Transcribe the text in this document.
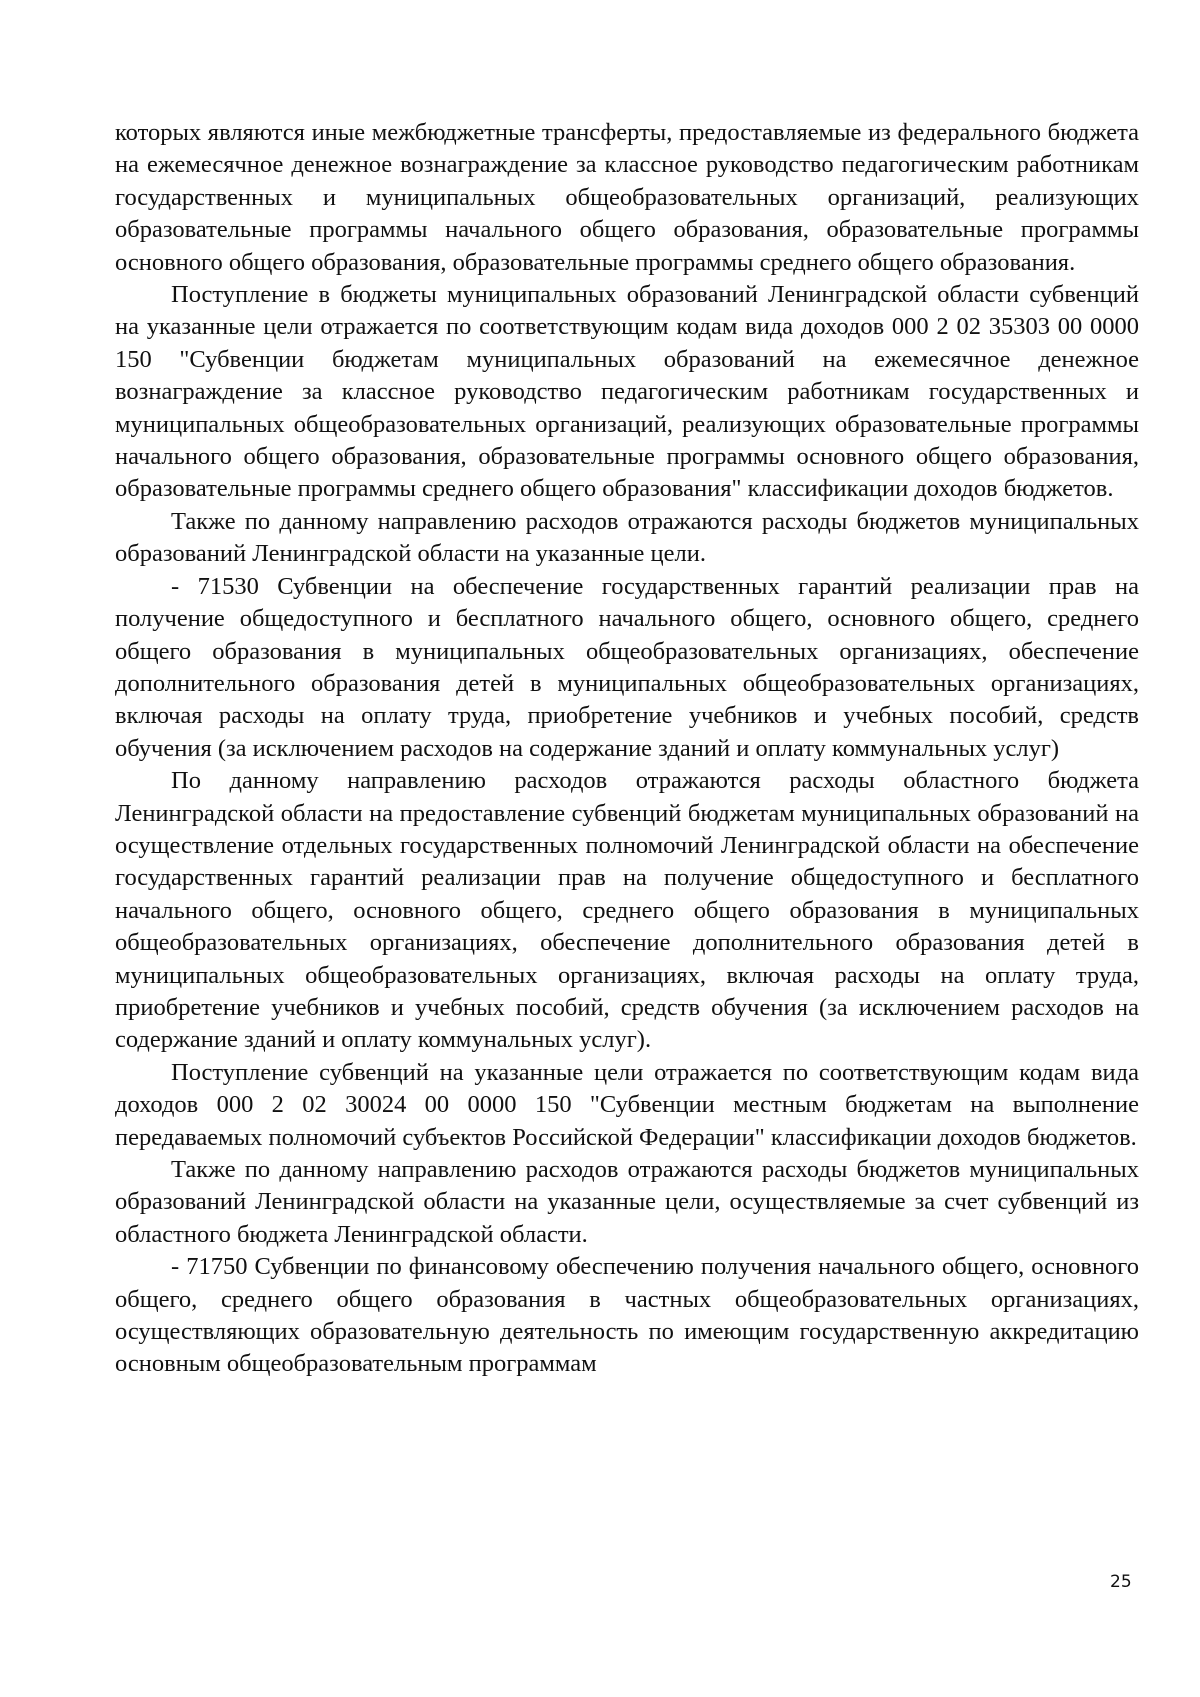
которых являются иные межбюджетные трансферты, предоставляемые из федерального бюджета на ежемесячное денежное вознаграждение за классное руководство педагогическим работникам государственных и муниципальных общеобразовательных организаций, реализующих образовательные программы начального общего образования, образовательные программы основного общего образования, образовательные программы среднего общего образования.

Поступление в бюджеты муниципальных образований Ленинградской области субвенций на указанные цели отражается по соответствующим кодам вида доходов 000 2 02 35303 00 0000 150 "Субвенции бюджетам муниципальных образований на ежемесячное денежное вознаграждение за классное руководство педагогическим работникам государственных и муниципальных общеобразовательных организаций, реализующих образовательные программы начального общего образования, образовательные программы основного общего образования, образовательные программы среднего общего образования" классификации доходов бюджетов.

Также по данному направлению расходов отражаются расходы бюджетов муниципальных образований Ленинградской области на указанные цели.

- 71530 Субвенции на обеспечение государственных гарантий реализации прав на получение общедоступного и бесплатного начального общего, основного общего, среднего общего образования в муниципальных общеобразовательных организациях, обеспечение дополнительного образования детей в муниципальных общеобразовательных организациях, включая расходы на оплату труда, приобретение учебников и учебных пособий, средств обучения (за исключением расходов на содержание зданий и оплату коммунальных услуг)

По данному направлению расходов отражаются расходы областного бюджета Ленинградской области на предоставление субвенций бюджетам муниципальных образований на осуществление отдельных государственных полномочий Ленинградской области на обеспечение государственных гарантий реализации прав на получение общедоступного и бесплатного начального общего, основного общего, среднего общего образования в муниципальных общеобразовательных организациях, обеспечение дополнительного образования детей в муниципальных общеобразовательных организациях, включая расходы на оплату труда, приобретение учебников и учебных пособий, средств обучения (за исключением расходов на содержание зданий и оплату коммунальных услуг).

Поступление субвенций на указанные цели отражается по соответствующим кодам вида доходов 000 2 02 30024 00 0000 150 "Субвенции местным бюджетам на выполнение передаваемых полномочий субъектов Российской Федерации" классификации доходов бюджетов.

Также по данному направлению расходов отражаются расходы бюджетов муниципальных образований Ленинградской области на указанные цели, осуществляемые за счет субвенций из областного бюджета Ленинградской области.

- 71750 Субвенции по финансовому обеспечению получения начального общего, основного общего, среднего общего образования в частных общеобразовательных организациях, осуществляющих образовательную деятельность по имеющим государственную аккредитацию основным общеобразовательным программам

25
